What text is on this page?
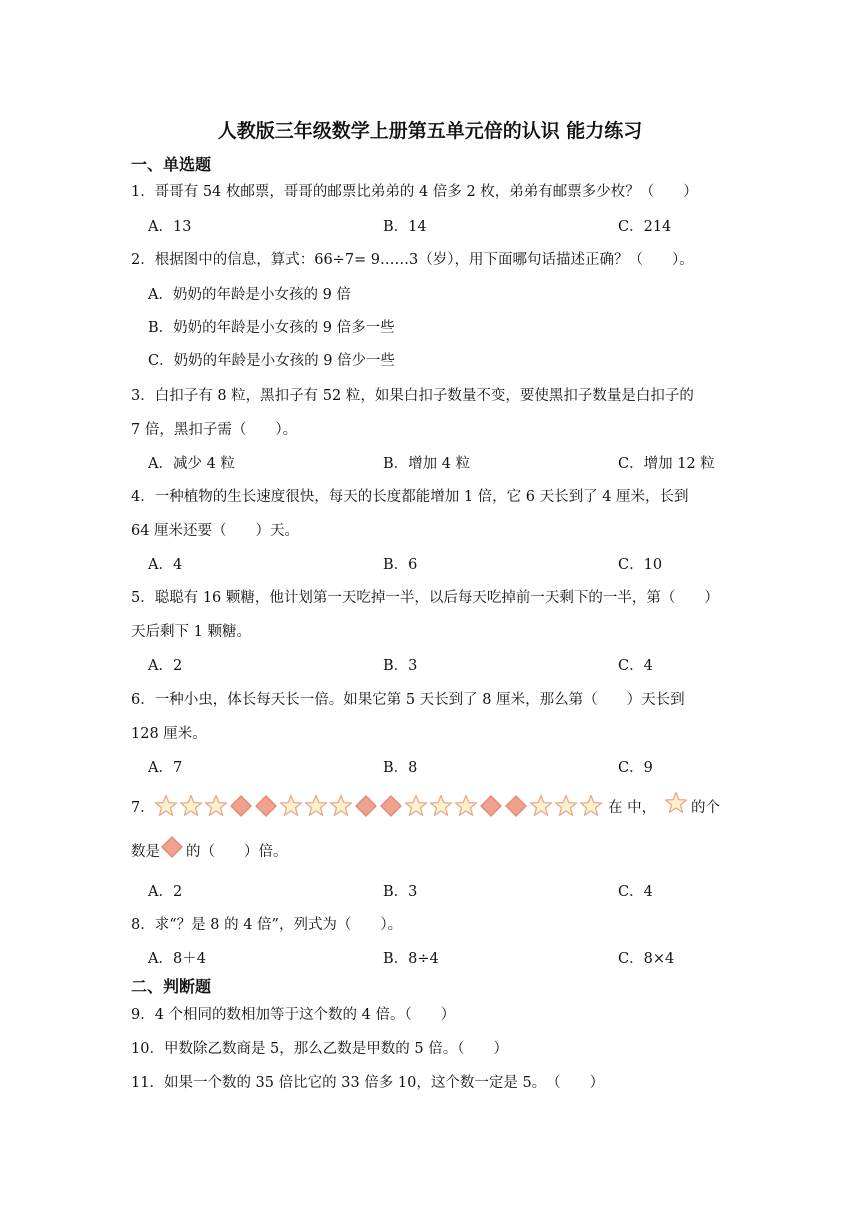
人教版三年级数学上册第五单元倍的认识 能力练习
一、单选题
1．哥哥有 54 枚邮票，哥哥的邮票比弟弟的 4 倍多 2 枚，弟弟有邮票多少枚？（　　）
A．13	B．14	C．214
2．根据图中的信息，算式：66÷7= 9……3（岁），用下面哪句话描述正确？（　　）。
A．奶奶的年龄是小女孩的 9 倍
B．奶奶的年龄是小女孩的 9 倍多一些
C．奶奶的年龄是小女孩的 9 倍少一些
3．白扣子有 8 粒，黑扣子有 52 粒，如果白扣子数量不变，要使黑扣子数量是白扣子的
7 倍，黑扣子需（　　）。
A．减少 4 粒	B．增加 4 粒	C．增加 12 粒
4．一种植物的生长速度很快，每天的长度都能增加 1 倍，它 6 天长到了 4 厘米，长到
64 厘米还要（　　）天。
A．4	B．6	C．10
5．聪聪有 16 颗糖，他计划第一天吃掉一半，以后每天吃掉前一天剩下的一半，第（　　）
天后剩下 1 颗糖。
A．2	B．3	C．4
6．一种小虫，体长每天长一倍。如果它第 5 天长到了 8 厘米，那么第（　　）天长到
128 厘米。
A．7	B．8	C．9
7．	在 中， 的个
数是 的（　　）倍。
A．2	B．3	C．4
8．求“？是 8 的 4 倍”，列式为（　　）。
A．8＋4	B．8÷4	C．8×4
二、判断题
9．4 个相同的数相加等于这个数的 4 倍。（　　）
10．甲数除乙数商是 5，那么乙数是甲数的 5 倍。（　　）
11．如果一个数的 35 倍比它的 33 倍多 10，这个数一定是 5。　（　　）
